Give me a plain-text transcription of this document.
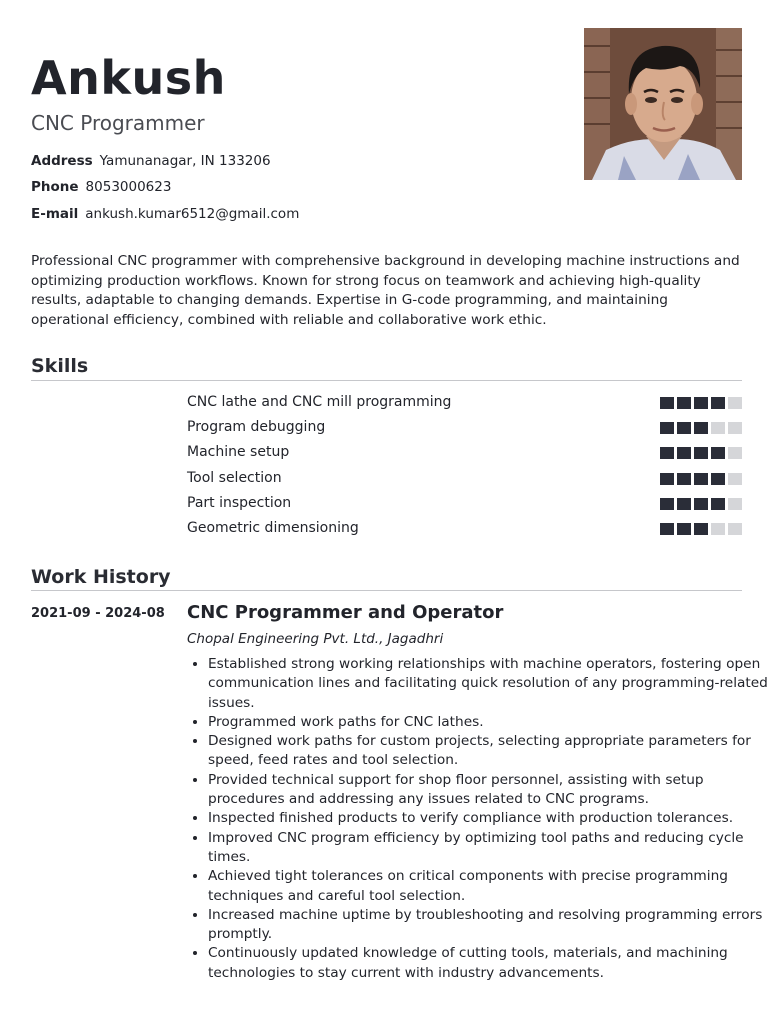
Ankush
CNC Programmer
Address Yamunanagar, IN 133206
Phone 8053000623
E-mail ankush.kumar6512@gmail.com
Professional CNC programmer with comprehensive background in developing machine instructions and optimizing production workflows. Known for strong focus on teamwork and achieving high-quality results, adaptable to changing demands. Expertise in G-code programming, and maintaining operational efficiency, combined with reliable and collaborative work ethic.
Skills
CNC lathe and CNC mill programming
Program debugging
Machine setup
Tool selection
Part inspection
Geometric dimensioning
Work History
2021-09 - 2024-08 CNC Programmer and Operator
Chopal Engineering Pvt. Ltd., Jagadhri
• Established strong working relationships with machine operators, fostering open communication lines and facilitating quick resolution of any programming-related issues.
• Programmed work paths for CNC lathes.
• Designed work paths for custom projects, selecting appropriate parameters for speed, feed rates and tool selection.
• Provided technical support for shop floor personnel, assisting with setup procedures and addressing any issues related to CNC programs.
• Inspected finished products to verify compliance with production tolerances.
• Improved CNC program efficiency by optimizing tool paths and reducing cycle times.
• Achieved tight tolerances on critical components with precise programming techniques and careful tool selection.
• Increased machine uptime by troubleshooting and resolving programming errors promptly.
• Continuously updated knowledge of cutting tools, materials, and machining technologies to stay current with industry advancements.
